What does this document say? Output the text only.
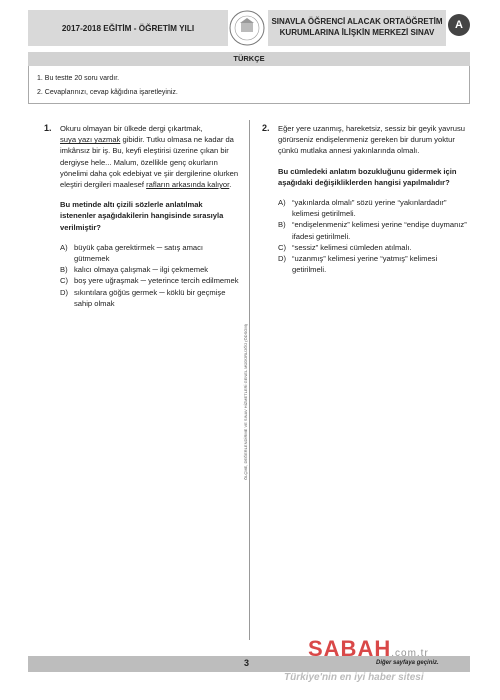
2017-2018 EĞİTİM - ÖĞRETİM YILI
SINAVLA ÖĞRENCİ ALACAK ORTAÖĞRETİM
KURUMLARINA İLİŞKİN MERKEZİ SINAV
A
TÜRKÇE
1. Bu testte 20 soru vardır.
2. Cevaplarınızı, cevap kâğıdına işaretleyiniz.
ÖLÇME, DEĞERLENDİRME VE SINAV HİZMETLERİ GENEL MÜDÜRLÜĞÜ (ÖDSGM)
1. Okuru olmayan bir ülkede dergi çıkartmak,
suya yazı yazmak gibidir. Tutku olmasa ne kadar da imkânsız bir iş. Bu, keyfi eleştirisi üzerine çıkan bir dergiyse hele... Malum, özellikle genç okurların yönelimi daha çok edebiyat ve şiir dergilerine olurken eleştiri dergileri maalesef rafların arkasında kalıyor.

Bu metinde altı çizili sözlerle anlatılmak istenenler aşağıdakilerin hangisinde sırasıyla verilmiştir?

A) büyük çaba gerektirmek ─ satış amacı gütmemek
B) kalıcı olmaya çalışmak ─ ilgi çekmemek
C) boş yere uğraşmak ─ yeterince tercih edilmemek
D) sıkıntılara göğüs germek ─ köklü bir geçmişe sahip olmak
2. Eğer yere uzanmış, hareketsiz, sessiz bir geyik yavrusu görürseniz endişelenmeniz gereken bir durum yoktur çünkü mutlaka annesi yakınlarında olmalı.

Bu cümledeki anlatım bozukluğunu gidermek için aşağıdaki değişikliklerden hangisi yapılmalıdır?

A) “yakınlarda olmalı” sözü yerine “yakınlardadır” kelimesi getirilmeli.
B) “endişelenmeniz” kelimesi yerine “endişe duymanız” ifadesi getirilmeli.
C) “sessiz” kelimesi cümleden atılmalı.
D) “uzanmış” kelimesi yerine “yatmış” kelimesi getirilmeli.
3	Diğer sayfaya geçiniz.
SABAH.com.tr
Türkiye'nin en iyi haber sitesi
